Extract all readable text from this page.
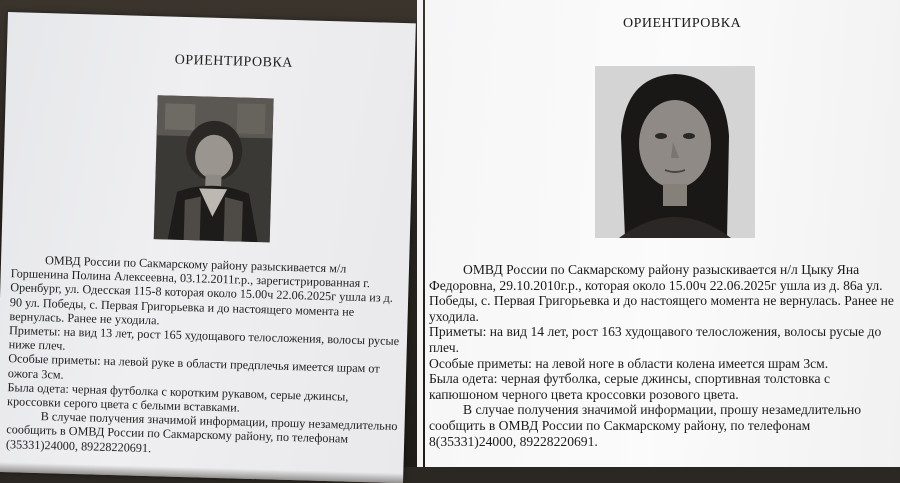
ОРИЕНТИРОВКА

ОМВД России по Сакмарскому району разыскивается м/л Горшенина Полина Алексеевна, 03.12.2011г.р., зарегистрированная г. Оренбург, ул. Одесская 115-8 которая около 15.00ч 22.06.2025г ушла из д. 90 ул. Победы, с. Первая Григорьевка и до настоящего момента не вернулась. Ранее не уходила.

Приметы: на вид 13 лет, рост 165 худощавого телосложения, волосы русые ниже плеч.

Особые приметы: на левой руке в области предплечья имеется шрам от ожога 3см.

Была одета: черная футболка с коротким рукавом, серые джинсы, кроссовки серого цвета с белыми вставками.

В случае получения значимой информации, прошу незамедлительно сообщить в ОМВД России по Сакмарскому району, по телефонам (35331)24000, 89228220691.

ОРИЕНТИРОВКА

ОМВД России по Сакмарскому району разыскивается н/л Цыку Яна Федоровна, 29.10.2010г.р., которая около 15.00ч 22.06.2025г ушла из д. 86а ул. Победы, с. Первая Григорьевка и до настоящего момента не вернулась. Ранее не уходила.

Приметы: на вид 14 лет, рост 163 худощавого телосложения, волосы русые до плеч.

Особые приметы: на левой ноге в области колена имеется шрам 3см.

Была одета: черная футболка, серые джинсы, спортивная толстовка с капюшоном черного цвета кроссовки розового цвета.

В случае получения значимой информации, прошу незамедлительно сообщить в ОМВД России по Сакмарскому району, по телефонам 8(35331)24000, 89228220691.
